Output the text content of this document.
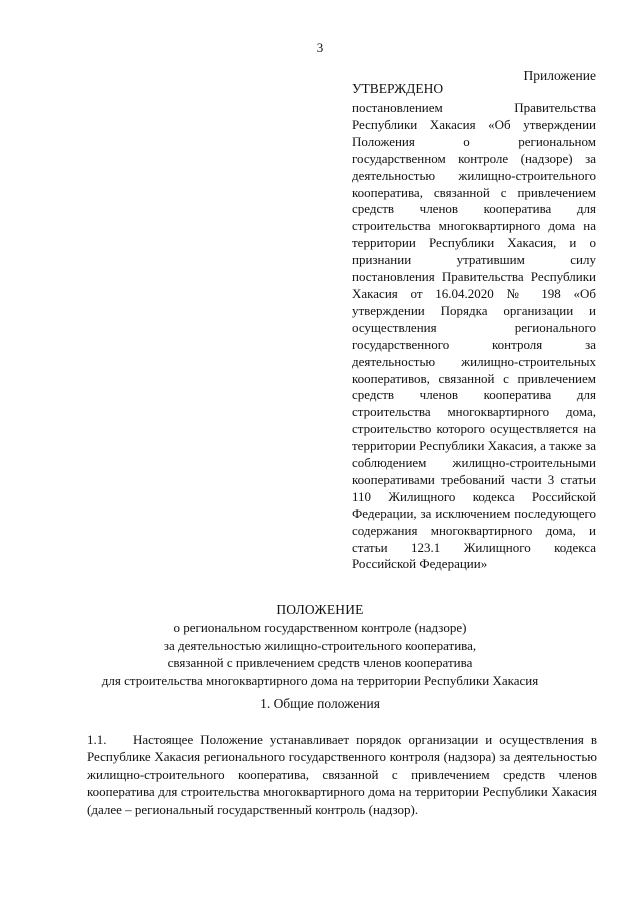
3
Приложение
УТВЕРЖДЕНО
постановлением Правительства Республики Хакасия «Об утверждении Положения о региональном государственном контроле (надзоре) за деятельностью жилищно-строительного кооператива, связанной с привлечением средств членов кооператива для строительства многоквартирного дома на территории Республики Хакасия, и о признании утратившим силу постановления Правительства Республики Хакасия от 16.04.2020 № 198 «Об утверждении Порядка организации и осуществления регионального государственного контроля за деятельностью жилищно-строительных кооперативов, связанной с привлечением средств членов кооператива для строительства многоквартирного дома, строительство которого осуществляется на территории Республики Хакасия, а также за соблюдением жилищно-строительными кооперативами требований части 3 статьи 110 Жилищного кодекса Российской Федерации, за исключением последующего содержания многоквартирного дома, и статьи 123.1 Жилищного кодекса Российской Федерации»
ПОЛОЖЕНИЕ
о региональном государственном контроле (надзоре)
за деятельностью жилищно-строительного кооператива,
связанной с привлечением средств членов кооператива
для строительства многоквартирного дома на территории Республики Хакасия
1. Общие положения
1.1. Настоящее Положение устанавливает порядок организации и осуществления в Республике Хакасия регионального государственного контроля (надзора) за деятельностью жилищно-строительного кооператива, связанной с привлечением средств членов кооператива для строительства многоквартирного дома на территории Республики Хакасия (далее – региональный государственный контроль (надзор).
